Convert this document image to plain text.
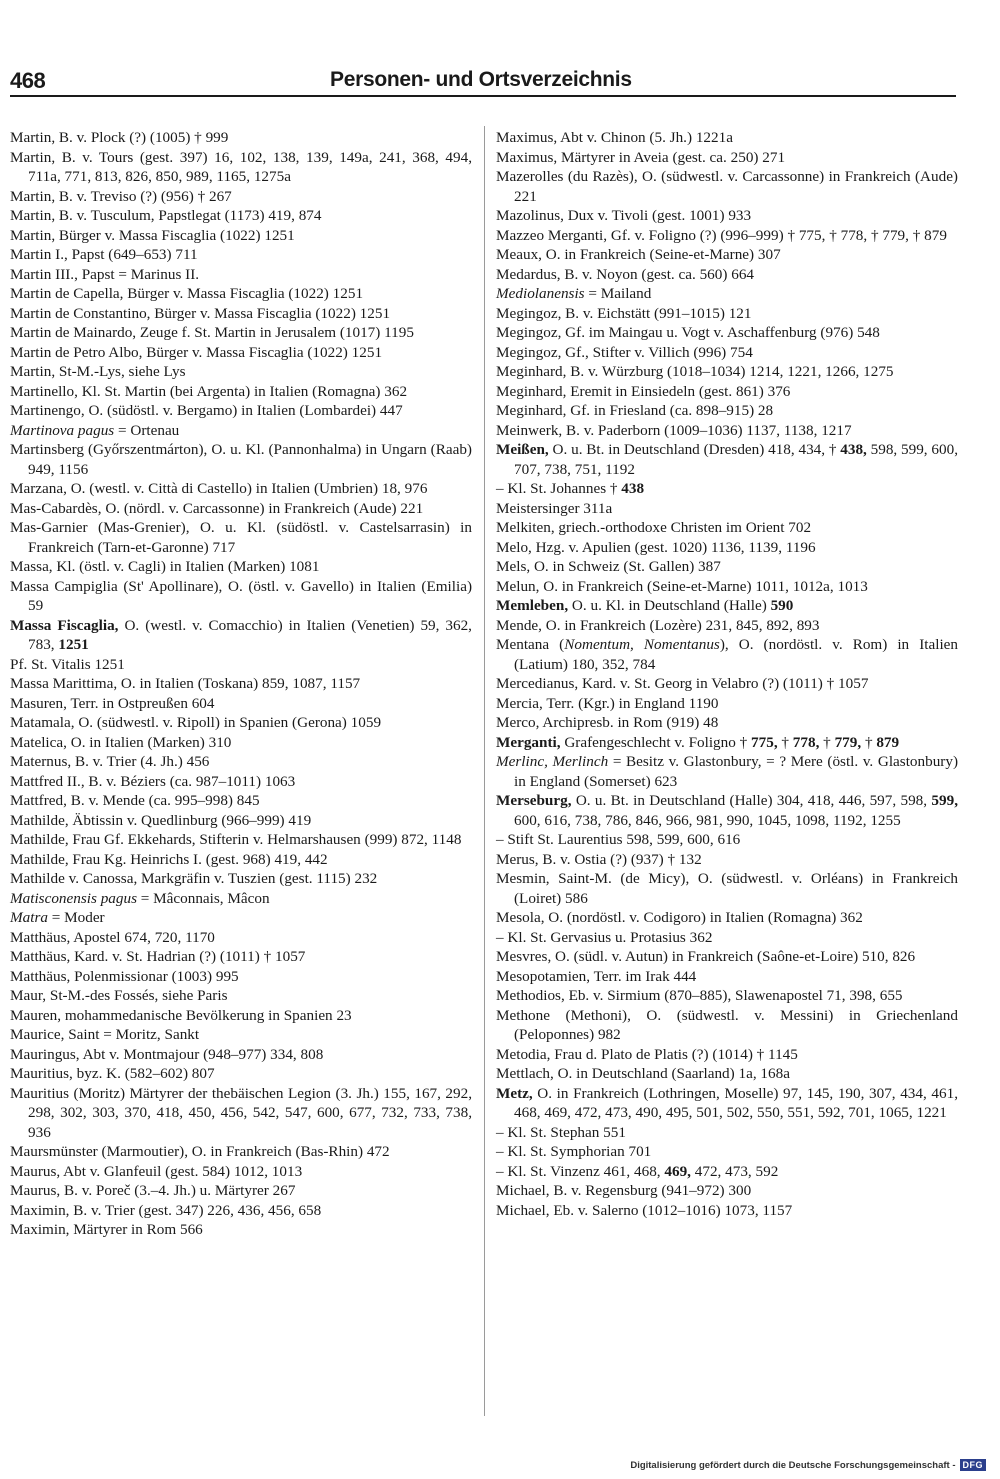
468	Personen- und Ortsverzeichnis

Martin, B. v. Plock (?) (1005) † 999

Martin, B. v. Tours (gest. 397) 16, 102, 138, 139, 149a, 241, 368, 494, 711a, 771, 813, 826, 850, 989, 1165, 1275a

Martin, B. v. Treviso (?) (956) † 267

Martin, B. v. Tusculum, Papstlegat (1173) 419, 874

Martin, Bürger v. Massa Fiscaglia (1022) 1251

Martin I., Papst (649–653) 711

Martin III., Papst = Marinus II.

Martin de Capella, Bürger v. Massa Fiscaglia (1022) 1251

Martin de Constantino, Bürger v. Massa Fiscaglia (1022) 1251

Martin de Mainardo, Zeuge f. St. Martin in Jerusalem (1017) 1195

Martin de Petro Albo, Bürger v. Massa Fiscaglia (1022) 1251

Martin, St-M.-Lys, siehe Lys

Martinello, Kl. St. Martin (bei Argenta) in Italien (Romagna) 362

Martinengo, O. (südöstl. v. Bergamo) in Italien (Lombardei) 447

Martinova pagus = Ortenau

Martinsberg (Győrszentmárton), O. u. Kl. (Pannonhalma) in Ungarn (Raab) 949, 1156

Marzana, O. (westl. v. Città di Castello) in Italien (Umbrien) 18, 976

Mas-Cabardès, O. (nördl. v. Carcassonne) in Frankreich (Aude) 221

Mas-Garnier (Mas-Grenier), O. u. Kl. (südöstl. v. Castelsarrasin) in Frankreich (Tarn-et-Garonne) 717

Massa, Kl. (östl. v. Cagli) in Italien (Marken) 1081

Massa Campiglia (St' Apollinare), O. (östl. v. Gavello) in Italien (Emilia) 59

Massa Fiscaglia, O. (westl. v. Comacchio) in Italien (Venetien) 59, 362, 783, 1251

Pf. St. Vitalis 1251

Massa Marittima, O. in Italien (Toskana) 859, 1087, 1157

Masuren, Terr. in Ostpreußen 604

Matamala, O. (südwestl. v. Ripoll) in Spanien (Gerona) 1059

Matelica, O. in Italien (Marken) 310

Maternus, B. v. Trier (4. Jh.) 456

Mattfred II., B. v. Béziers (ca. 987–1011) 1063

Mattfred, B. v. Mende (ca. 995–998) 845

Mathilde, Äbtissin v. Quedlinburg (966–999) 419

Mathilde, Frau Gf. Ekkehards, Stifterin v. Helmarshausen (999) 872, 1148

Mathilde, Frau Kg. Heinrichs I. (gest. 968) 419, 442

Mathilde v. Canossa, Markgräfin v. Tuszien (gest. 1115) 232

Matisconensis pagus = Mâconnais, Mâcon

Matra = Moder

Matthäus, Apostel 674, 720, 1170

Matthäus, Kard. v. St. Hadrian (?) (1011) † 1057

Matthäus, Polenmissionar (1003) 995

Maur, St-M.-des Fossés, siehe Paris

Mauren, mohammedanische Bevölkerung in Spanien 23

Maurice, Saint = Moritz, Sankt

Mauringus, Abt v. Montmajour (948–977) 334, 808

Mauritius, byz. K. (582–602) 807

Mauritius (Moritz) Märtyrer der thebäischen Legion (3. Jh.) 155, 167, 292, 298, 302, 303, 370, 418, 450, 456, 542, 547, 600, 677, 732, 733, 738, 936

Maursmünster (Marmoutier), O. in Frankreich (Bas-Rhin) 472

Maurus, Abt v. Glanfeuil (gest. 584) 1012, 1013

Maurus, B. v. Poreč (3.–4. Jh.) u. Märtyrer 267

Maximin, B. v. Trier (gest. 347) 226, 436, 456, 658

Maximin, Märtyrer in Rom 566

Maximus, Abt v. Chinon (5. Jh.) 1221a

Maximus, Märtyrer in Aveia (gest. ca. 250) 271

Mazerolles (du Razès), O. (südwestl. v. Carcassonne) in Frankreich (Aude) 221

Mazolinus, Dux v. Tivoli (gest. 1001) 933

Mazzeo Merganti, Gf. v. Foligno (?) (996–999) † 775, † 778, † 779, † 879

Meaux, O. in Frankreich (Seine-et-Marne) 307

Medardus, B. v. Noyon (gest. ca. 560) 664

Mediolanensis = Mailand

Megingoz, B. v. Eichstätt (991–1015) 121

Megingoz, Gf. im Maingau u. Vogt v. Aschaffenburg (976) 548

Megingoz, Gf., Stifter v. Villich (996) 754

Meginhard, B. v. Würzburg (1018–1034) 1214, 1221, 1266, 1275

Meginhard, Eremit in Einsiedeln (gest. 861) 376

Meginhard, Gf. in Friesland (ca. 898–915) 28

Meinwerk, B. v. Paderborn (1009–1036) 1137, 1138, 1217

Meißen, O. u. Bt. in Deutschland (Dresden) 418, 434, † 438, 598, 599, 600, 707, 738, 751, 1192

– Kl. St. Johannes † 438

Meistersinger 311a

Melkiten, griech.-orthodoxe Christen im Orient 702

Melo, Hzg. v. Apulien (gest. 1020) 1136, 1139, 1196

Mels, O. in Schweiz (St. Gallen) 387

Melun, O. in Frankreich (Seine-et-Marne) 1011, 1012a, 1013

Memleben, O. u. Kl. in Deutschland (Halle) 590

Mende, O. in Frankreich (Lozère) 231, 845, 892, 893

Mentana (Nomentum, Nomentanus), O. (nordöstl. v. Rom) in Italien (Latium) 180, 352, 784

Mercedianus, Kard. v. St. Georg in Velabro (?) (1011) † 1057

Mercia, Terr. (Kgr.) in England 1190

Merco, Archipresb. in Rom (919) 48

Merganti, Grafengeschlecht v. Foligno † 775, † 778, † 779, † 879

Merlinc, Merlinch = Besitz v. Glastonbury, = ? Mere (östl. v. Glastonbury) in England (Somerset) 623

Merseburg, O. u. Bt. in Deutschland (Halle) 304, 418, 446, 597, 598, 599, 600, 616, 738, 786, 846, 966, 981, 990, 1045, 1098, 1192, 1255

– Stift St. Laurentius 598, 599, 600, 616

Merus, B. v. Ostia (?) (937) † 132

Mesmin, Saint-M. (de Micy), O. (südwestl. v. Orléans) in Frankreich (Loiret) 586

Mesola, O. (nordöstl. v. Codigoro) in Italien (Romagna) 362

– Kl. St. Gervasius u. Protasius 362

Mesvres, O. (südl. v. Autun) in Frankreich (Saône-et-Loire) 510, 826

Mesopotamien, Terr. im Irak 444

Methodios, Eb. v. Sirmium (870–885), Slawenapostel 71, 398, 655

Methone (Methoni), O. (südwestl. v. Messini) in Griechenland (Peloponnes) 982

Metodia, Frau d. Plato de Platis (?) (1014) † 1145

Mettlach, O. in Deutschland (Saarland) 1a, 168a

Metz, O. in Frankreich (Lothringen, Moselle) 97, 145, 190, 307, 434, 461, 468, 469, 472, 473, 490, 495, 501, 502, 550, 551, 592, 701, 1065, 1221

– Kl. St. Stephan 551

– Kl. St. Symphorian 701

– Kl. St. Vinzenz 461, 468, 469, 472, 473, 592

Michael, B. v. Regensburg (941–972) 300

Michael, Eb. v. Salerno (1012–1016) 1073, 1157

Digitalisierung gefördert durch die Deutsche Forschungsgemeinschaft - DFG
